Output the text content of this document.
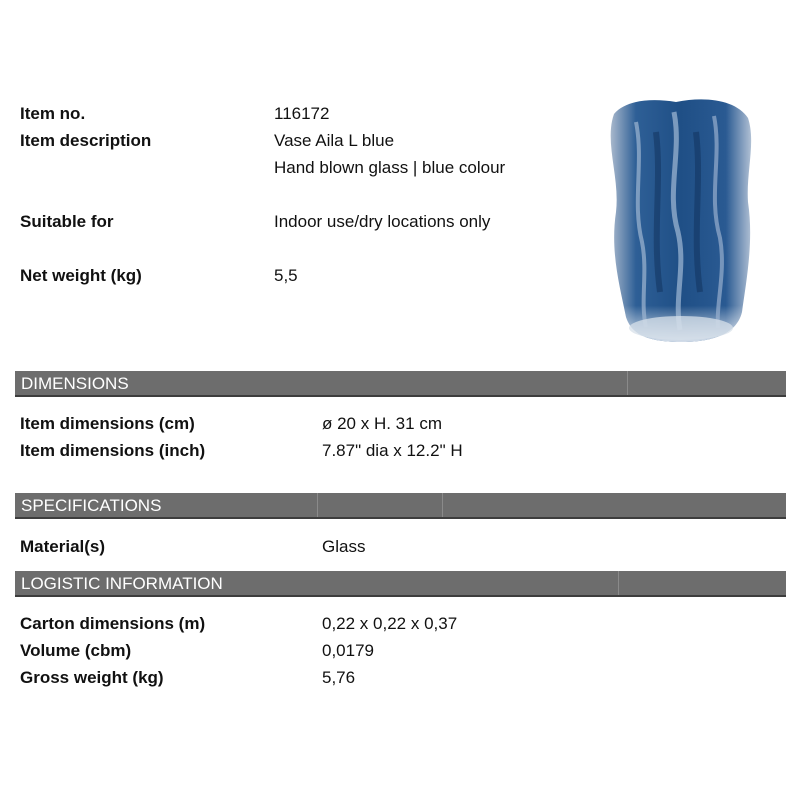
Item no.	116172
Item description	Vase Aila L blue
Hand blown glass | blue colour
Suitable for	Indoor use/dry locations only
Net weight (kg)	5,5
DIMENSIONS
Item dimensions (cm)	ø 20 x H. 31 cm
Item dimensions (inch)	7.87" dia x 12.2" H
SPECIFICATIONS
Material(s)	Glass
LOGISTIC INFORMATION
Carton dimensions (m)	0,22 x 0,22 x 0,37
Volume (cbm)	0,0179
Gross weight (kg)	5,76
